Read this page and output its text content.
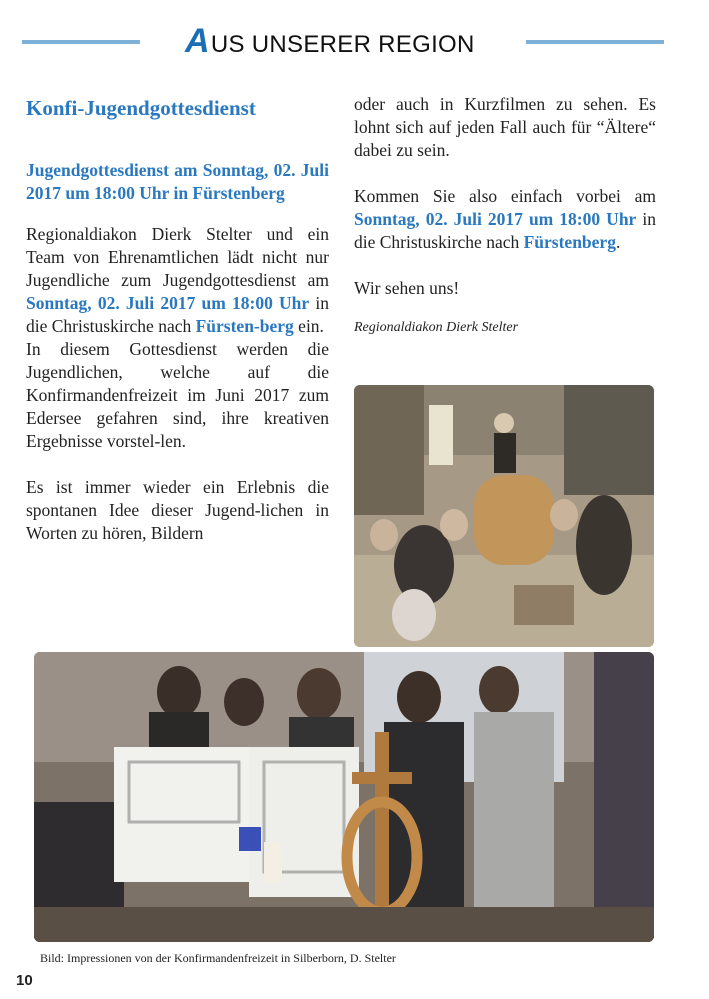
AUS UNSERER REGION
Konfi-Jugendgottesdienst
Jugendgottesdienst am Sonntag, 02. Juli 2017 um 18:00 Uhr in Fürstenberg

Regionaldiakon Dierk Stelter und ein Team von Ehrenamtlichen lädt nicht nur Jugendliche zum Jugendgottesdienst am Sonntag, 02. Juli 2017 um 18:00 Uhr in die Christuskirche nach Fürsten-berg ein.

In diesem Gottesdienst werden die Jugendlichen, welche auf die Konfirmandenfreizeit im Juni 2017 zum Edersee gefahren sind, ihre kreativen Ergebnisse vorstel-len.

Es ist immer wieder ein Erlebnis die spontanen Idee dieser Jugend-lichen in Worten zu hören, Bildern

oder auch in Kurzfilmen zu sehen. Es lohnt sich auf jeden Fall auch für “Ältere“ dabei zu sein.

Kommen Sie also einfach vorbei am Sonntag, 02. Juli 2017 um 18:00 Uhr in die Christuskirche nach Fürstenberg.

Wir sehen uns!

Regionaldiakon Dierk Stelter

Bild: Impressionen von der Konfirmandenfreizeit in Silberborn, D. Stelter
10
